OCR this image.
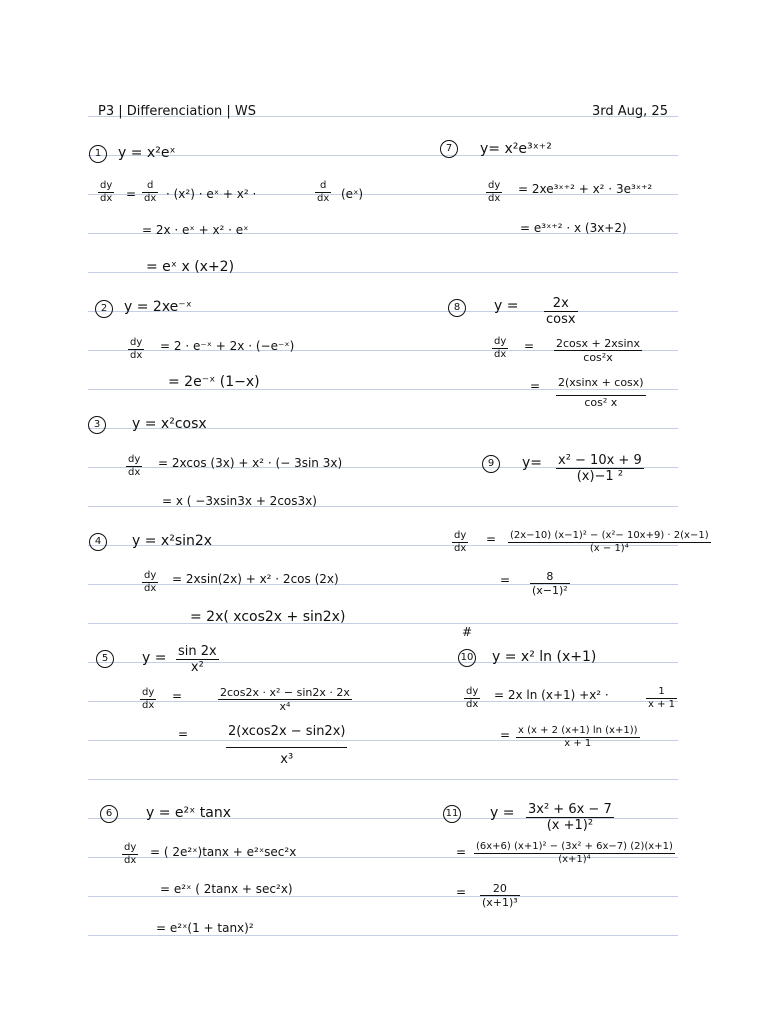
P3 | Differenciation | WS	3rd Aug, 25
1	y = x²eˣ
$\frac{dy}{dx} = \frac{d}{dx} \cdot (x^2)$ · eˣ + x² ·	$\frac{d}{dx}$ (eˣ)
= 2x · eˣ + x² · eˣ
= eˣ x (x+2)
2	y = 2xe⁻ˣ
$\frac{dy}{dx} = 2$ · e⁻ˣ + 2x · (−e⁻ˣ)
= 2e⁻ˣ (1−x)
3	y = x²cosx
$\frac{dy}{dx} = 2xcos$ (3x) + x² · (− 3sin 3x)
= x ( −3xsin3x + 2cos3x)
4	y = x²sin2x
$\frac{dy}{dx} = 2xsin(2x) + x^2 \cdot 2\cos$ (2x)
= 2x( xcos2x + sin2x)
5	$y = \frac{\sin 2x}{\text{x²}}$
$\frac{dy}{dx}$ =	$\frac{\text{2cos2x · x² − sin2x · 2x}}{\text{x⁴}}$
=	$\frac{2(xcos2x - \sin 2x)}{\text{x³}}$
6	y = e²ˣ tanx
$\frac{dy}{dx}$ = ( 2e²ˣ)tanx + e²ˣsec²x
= e²ˣ ( 2tanx + sec²x)
= e²ˣ(1 + tanx)²
7	y= x²e³ˣ⁺²
$\frac{dy}{dx}$ = 2xe³ˣ⁺² + x² · 3e³ˣ⁺²
= e³ˣ⁺² · x (3x+2)
8	$y = \frac{2x}{\cos x}$
$\frac{dy}{dx} = \frac{2\cos x + 2xsinx}{\text{cos²x}}$
= $\frac{2(xsinx + \cos x)}{\text{cos² x}}$
9	$y= \frac{\text{x² − 10x + 9}}{\text{(x)−1 ²}}$
$\frac{dy}{dx} = \frac{\text{(2x−10) (x−1)² − (x²− 10x+9) · 2(x−1)}}{\text{(x − 1)⁴}}$
= $\frac{8}{\text{(x−1)²}}$
#
10 y = x² ln (x+1)
$\frac{dy}{dx} = 2x$ ln (x+1) +x² ·	$\frac{1}{x + 1}$
= $\frac{x (x + 2 (x+1) \ln (x+1))}{x + 1}$
11 $y = \frac{\text{3x² + 6x − 7}}{\text{(x +1)²}}$
= $\frac{\text{(6x+6) (x+1)² − (3x² + 6x−7) (2)(x+1)}}{\text{(x+1)⁴}}$
= $\frac{20}{\text{(x+1)³}}$
